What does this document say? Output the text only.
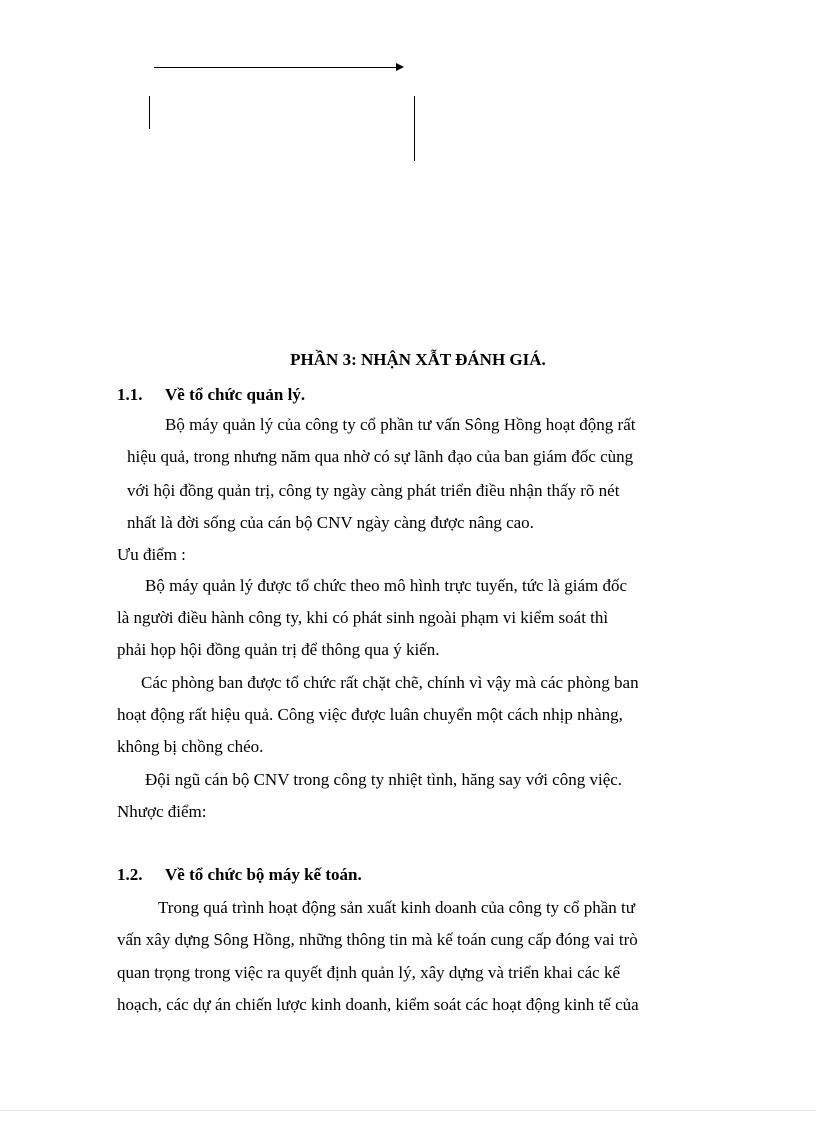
PHẦN 3: NHẬN XẪT ĐÁNH GIÁ.
1.1. Về tổ chức quản lý.
Bộ máy quản lý của công ty cổ phần tư vấn Sông Hồng hoạt động rất
hiệu quả, trong nhưng năm qua nhờ có sự lãnh đạo của ban giám đốc cùng
với hội đồng quản trị, công ty ngày càng phát triển điều nhận thấy rõ nét
nhất là đời sống của cán bộ CNV ngày càng được nâng cao.
Ưu điểm :
Bộ máy quản lý được tổ chức theo mô hình trực tuyến, tức là giám đốc
là người điều hành công ty, khi có phát sinh ngoài phạm vi kiểm soát thì
phải họp hội đồng quản trị để thông qua ý kiến.
Các phòng ban được tổ chức rất chặt chẽ, chính vì vậy mà các phòng ban
hoạt động rất hiệu quả. Công việc được luân chuyển một cách nhịp nhàng,
không bị chồng chéo.
Đội ngũ cán bộ CNV trong công ty nhiệt tình, hăng say với công việc.
Nhược điểm:
1.2. Về tổ chức bộ máy kế toán.
Trong quá trình hoạt động sản xuất kinh doanh của công ty cổ phần tư
vấn xây dựng Sông Hồng, những thông tin mà kế toán cung cấp đóng vai trò
quan trọng trong việc ra quyết định quản lý, xây dựng và triển khai các kế
hoạch, các dự án chiến lược kinh doanh, kiểm soát các hoạt động kinh tế của
